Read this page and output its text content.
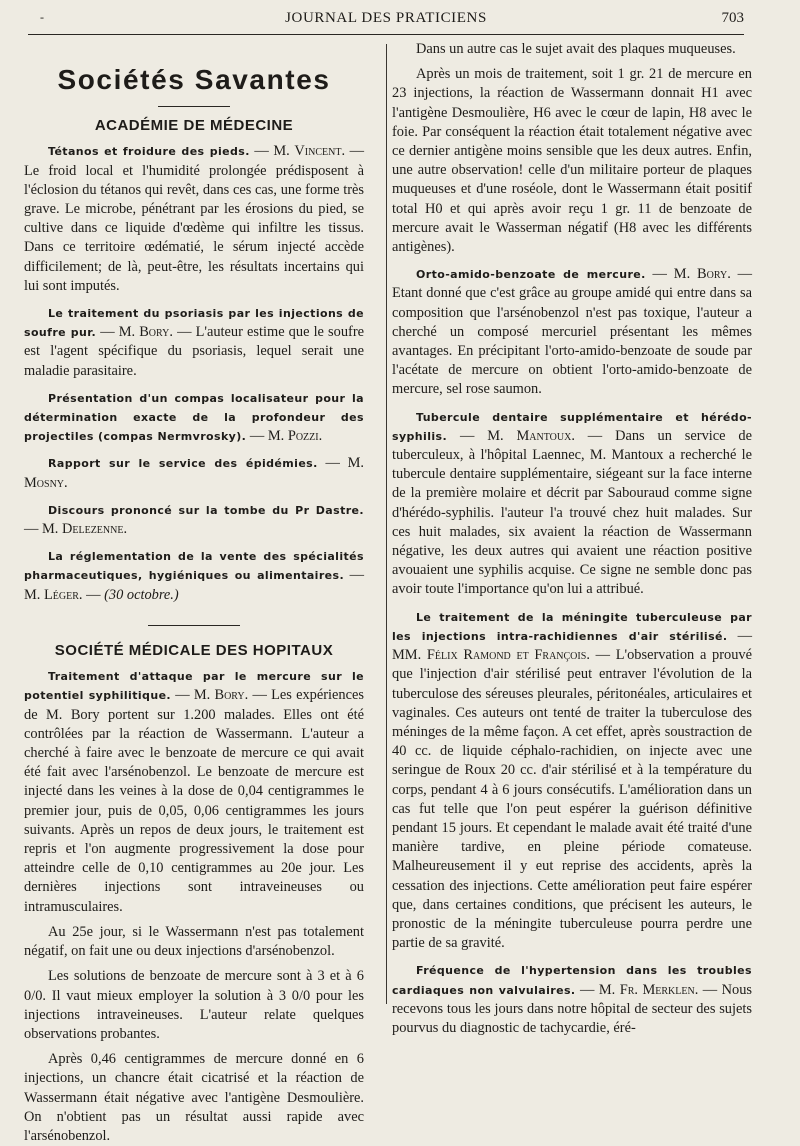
JOURNAL DES PRATICIENS	703
-
Sociétés Savantes
ACADÉMIE DE MÉDECINE

Tétanos et froidure des pieds. — M. Vincent. — Le froid local et l'humidité prolongée prédisposent à l'éclosion du tétanos qui revêt, dans ces cas, une forme très grave. Le microbe, pénétrant par les érosions du pied, se cultive dans ce liquide d'œdème qui infiltre les tissus. Dans ce territoire œdématié, le sérum injecté accède difficilement; de là, peut-être, les résultats incertains qui lui sont imputés.

Le traitement du psoriasis par les injections de soufre pur. — M. Bory. — L'auteur estime que le soufre est l'agent spécifique du psoriasis, lequel serait une maladie parasitaire.

Présentation d'un compas localisateur pour la détermination exacte de la profondeur des projectiles (compas Nermvrosky). — M. Pozzi.

Rapport sur le service des épidémies. — M. Mosny.

Discours prononcé sur la tombe du Pr Dastre. — M. Delezenne.

La réglementation de la vente des spécialités pharmaceutiques, hygiéniques ou alimentaires. — M. Léger. — (30 octobre.)

SOCIÉTÉ MÉDICALE DES HOPITAUX

Traitement d'attaque par le mercure sur le potentiel syphilitique. — M. Bory. — Les expériences de M. Bory portent sur 1.200 malades. Elles ont été contrôlées par la réaction de Wassermann. L'auteur a cherché à faire avec le benzoate de mercure ce qui avait été fait avec l'arsénobenzol. Le benzoate de mercure est injecté dans les veines à la dose de 0,04 centigrammes le premier jour, puis de 0,05, 0,06 centigrammes les jours suivants. Après un repos de deux jours, le traitement est repris et l'on augmente progressivement la dose pour atteindre celle de 0,10 centigrammes au 20e jour. Les dernières injections sont intraveineuses ou intramusculaires.

Au 25e jour, si le Wassermann n'est pas totalement négatif, on fait une ou deux injections d'arsénobenzol.

Les solutions de benzoate de mercure sont à 3 et à 6 0/0. Il vaut mieux employer la solution à 3 0/0 pour les injections intraveineuses. L'auteur relate quelques observations probantes.

Après 0,46 centigrammes de mercure donné en 6 injections, un chancre était cicatrisé et la réaction de Wassermann était négative avec l'antigène Desmoulière. On n'obtient pas un résultat aussi rapide avec l'arsénobenzol.

Dans un autre cas le sujet avait des plaques muqueuses.

Après un mois de traitement, soit 1 gr. 21 de mercure en 23 injections, la réaction de Wassermann donnait H1 avec l'antigène Desmoulière, H6 avec le cœur de lapin, H8 avec le foie. Par conséquent la réaction était totalement négative avec ce dernier antigène moins sensible que les deux autres. Enfin, une autre observation! celle d'un militaire porteur de plaques muqueuses et d'une roséole, dont le Wassermann était positif total H0 et qui après avoir reçu 1 gr. 11 de benzoate de mercure avait le Wasserman négatif (H8 avec les différents antigènes).

Orto-amido-benzoate de mercure. — M. Bory. — Etant donné que c'est grâce au groupe amidé qui entre dans sa composition que l'arsénobenzol n'est pas toxique, l'auteur a cherché un composé mercuriel présentant les mêmes avantages. En précipitant l'orto-amido-benzoate de soude par l'acétate de mercure on obtient l'orto-amido-benzoate de mercure, sel rose saumon.

Tubercule dentaire supplémentaire et hérédo-syphilis. — M. Mantoux. — Dans un service de tuberculeux, à l'hôpital Laennec, M. Mantoux a recherché le tubercule dentaire supplémentaire, siégeant sur la face interne de la première molaire et décrit par Sabouraud comme signe d'hérédo-syphilis. l'auteur l'a trouvé chez huit malades. Sur ces huit malades, six avaient la réaction de Wassermann négative, les deux autres qui avaient une réaction positive avouaient une syphilis acquise. Ce signe ne semble donc pas avoir toute l'importance qu'on lui a attribué.

Le traitement de la méningite tuberculeuse par les injections intra-rachidiennes d'air stérilisé. — MM. Félix Ramond et François. — L'observation a prouvé que l'injection d'air stérilisé peut entraver l'évolution de la tuberculose des séreuses pleurales, péritonéales, articulaires et vaginales. Ces auteurs ont tenté de traiter la tuberculose des méninges de la même façon. A cet effet, après soustraction de 40 cc. de liquide céphalo-rachidien, on injecte avec une seringue de Roux 20 cc. d'air stérilisé et à la température du corps, pendant 4 à 6 jours consécutifs. L'amélioration dans un cas fut telle que l'on peut espérer la guérison définitive pendant 15 jours. Et cependant le malade avait été traité d'une manière tardive, en pleine période comateuse. Malheureusement il y eut reprise des accidents, après la cessation des injections. Cette amélioration peut faire espérer que, dans certaines conditions, que précisent les auteurs, le pronostic de la méningite tuberculeuse pourra perdre une partie de sa gravité.

Fréquence de l'hypertension dans les troubles cardiaques non valvulaires. — M. Fr. Merklen. — Nous recevons tous les jours dans notre hôpital de secteur des sujets pourvus du diagnostic de tachycardie, éré-
